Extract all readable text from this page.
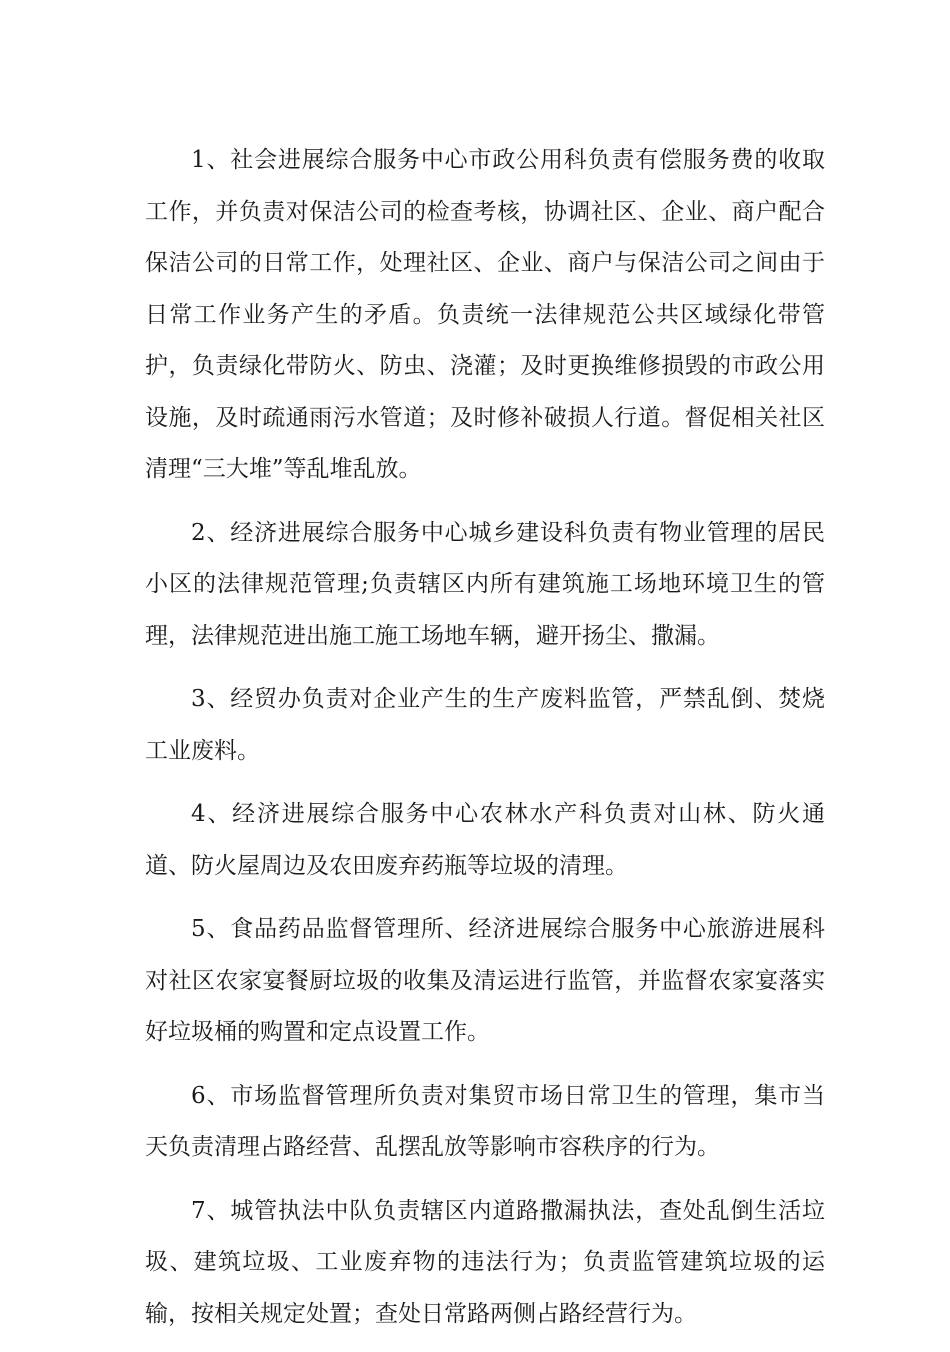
1、社会进展综合服务中心市政公用科负责有偿服务费的收取工作，并负责对保洁公司的检查考核，协调社区、企业、商户配合保洁公司的日常工作，处理社区、企业、商户与保洁公司之间由于日常工作业务产生的矛盾。负责统一法律规范公共区域绿化带管护，负责绿化带防火、防虫、浇灌；及时更换维修损毁的市政公用设施，及时疏通雨污水管道；及时修补破损人行道。督促相关社区清理“三大堆”等乱堆乱放。

2、经济进展综合服务中心城乡建设科负责有物业管理的居民小区的法律规范管理;负责辖区内所有建筑施工场地环境卫生的管理，法律规范进出施工施工场地车辆，避开扬尘、撒漏。

3、经贸办负责对企业产生的生产废料监管，严禁乱倒、焚烧工业废料。

4、经济进展综合服务中心农林水产科负责对山林、防火通道、防火屋周边及农田废弃药瓶等垃圾的清理。

5、食品药品监督管理所、经济进展综合服务中心旅游进展科对社区农家宴餐厨垃圾的收集及清运进行监管，并监督农家宴落实好垃圾桶的购置和定点设置工作。

6、市场监督管理所负责对集贸市场日常卫生的管理，集市当天负责清理占路经营、乱摆乱放等影响市容秩序的行为。

7、城管执法中队负责辖区内道路撒漏执法，查处乱倒生活垃圾、建筑垃圾、工业废弃物的违法行为；负责监管建筑垃圾的运输，按相关规定处置；查处日常路两侧占路经营行为。
